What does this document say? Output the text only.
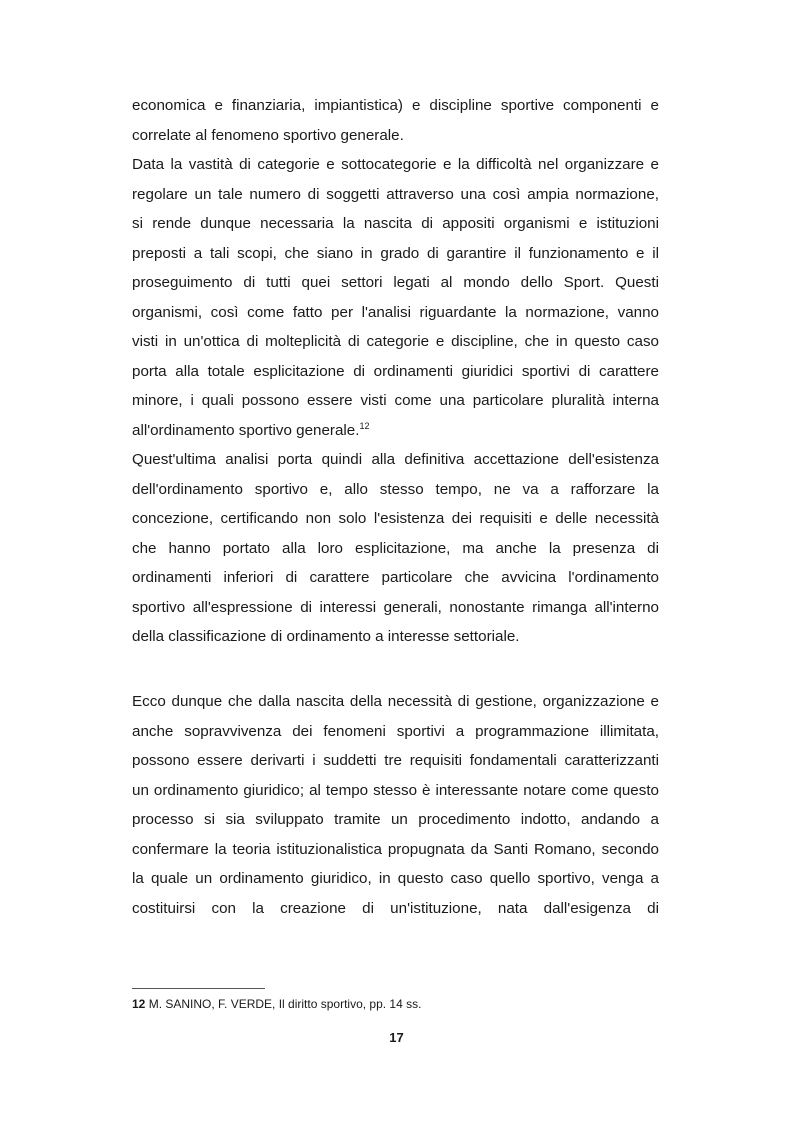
economica e finanziaria, impiantistica) e discipline sportive componenti e
correlate al fenomeno sportivo generale.
Data la vastità di categorie e sottocategorie e la difficoltà nel organizzare e
regolare un tale numero di soggetti attraverso una così ampia normazione,
si rende dunque necessaria la nascita di appositi organismi e istituzioni
preposti a tali scopi, che siano in grado di garantire il funzionamento e il
proseguimento di tutti quei settori legati al mondo dello Sport. Questi
organismi, così come fatto per l'analisi riguardante la normazione, vanno
visti in un'ottica di molteplicità di categorie e discipline, che in questo caso
porta alla totale esplicitazione di ordinamenti giuridici sportivi di carattere
minore, i quali possono essere visti come una particolare pluralità interna
all'ordinamento sportivo generale.$^{12}$
Quest'ultima analisi porta quindi alla definitiva accettazione dell'esistenza
dell'ordinamento sportivo e, allo stesso tempo, ne va a rafforzare la
concezione, certificando non solo l'esistenza dei requisiti e delle necessità
che hanno portato alla loro esplicitazione, ma anche la presenza di
ordinamenti inferiori di carattere particolare che avvicina l'ordinamento
sportivo all'espressione di interessi generali, nonostante rimanga all'interno
della classificazione di ordinamento a interesse settoriale.
Ecco dunque che dalla nascita della necessità di gestione, organizzazione e
anche sopravvivenza dei fenomeni sportivi a programmazione illimitata,
possono essere derivarti i suddetti tre requisiti fondamentali caratterizzanti
un ordinamento giuridico; al tempo stesso è interessante notare come questo
processo si sia sviluppato tramite un procedimento indotto, andando a
confermare la teoria istituzionalistica propugnata da Santi Romano, secondo
la quale un ordinamento giuridico, in questo caso quello sportivo, venga a
costituirsi con la creazione di un'istituzione, nata dall'esigenza di
12 M. SANINO, F. VERDE, Il diritto sportivo, pp. 14 ss.
17
